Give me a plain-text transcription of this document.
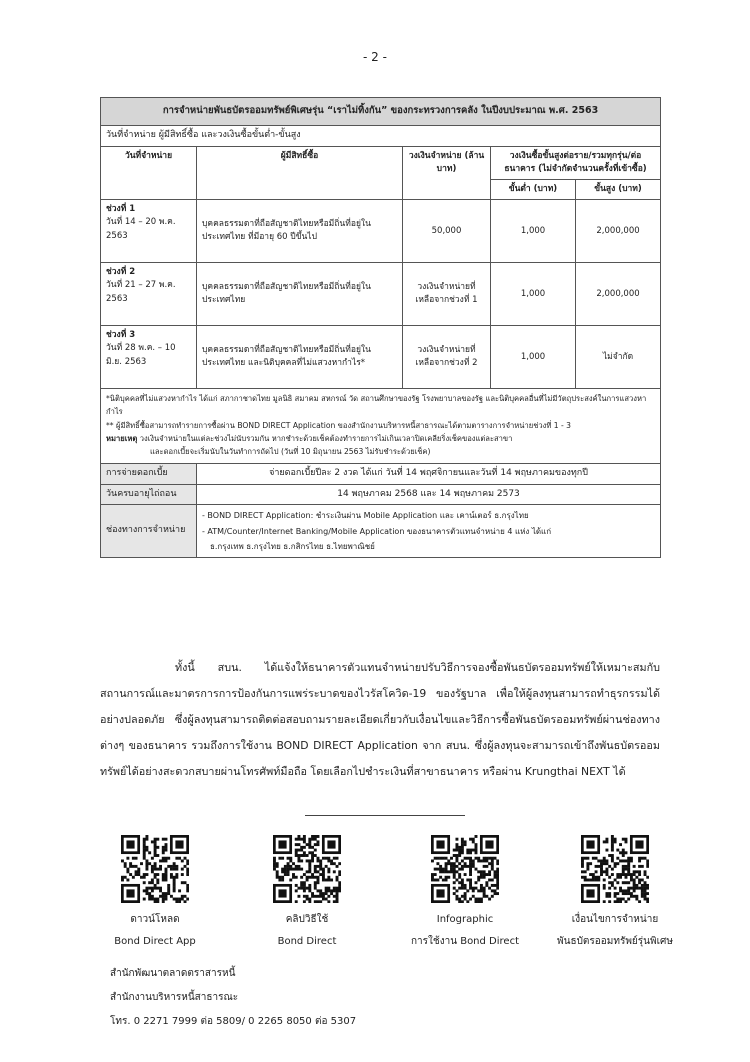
- 2 -
การจำหน่ายพันธบัตรออมทรัพย์พิเศษรุ่น “เราไม่ทิ้งกัน” ของกระทรวงการคลัง ในปีงบประมาณ พ.ศ. 2563				
วันที่จำหน่าย ผู้มีสิทธิ์ซื้อ และวงเงินซื้อขั้นต่ำ-ขั้นสูง				
วันที่จำหน่าย	ผู้มีสิทธิ์ซื้อ	วงเงินจำหน่าย (ล้านบาท)	วงเงินซื้อขั้นสูงต่อราย/รวมทุกรุ่น/ต่อธนาคาร (ไม่จำกัดจำนวนครั้งที่เข้าซื้อ)	
			ขั้นต่ำ (บาท)	ขั้นสูง (บาท)

ช่วงที่ 1
วันที่ 14 – 20 พ.ค. 2563	บุคคลธรรมดาที่ถือสัญชาติไทยหรือมีถิ่นที่อยู่ในประเทศไทย ที่มีอายุ 60 ปีขึ้นไป	50,000	1,000	2,000,000

ช่วงที่ 2
วันที่ 21 – 27 พ.ค. 2563	บุคคลธรรมดาที่ถือสัญชาติไทยหรือมีถิ่นที่อยู่ในประเทศไทย	วงเงินจำหน่ายที่เหลือจากช่วงที่ 1	1,000	2,000,000

ช่วงที่ 3
วันที่ 28 พ.ค. – 10 มิ.ย. 2563	บุคคลธรรมดาที่ถือสัญชาติไทยหรือมีถิ่นที่อยู่ในประเทศไทย และนิติบุคคลที่ไม่แสวงหากำไร*	วงเงินจำหน่ายที่เหลือจากช่วงที่ 2	1,000	ไม่จำกัด

*นิติบุคคลที่ไม่แสวงหากำไร ได้แก่ สภากาชาดไทย มูลนิธิ สมาคม สหกรณ์ วัด สถานศึกษาของรัฐ โรงพยาบาลของรัฐ และนิติบุคคลอื่นที่ไม่มีวัตถุประสงค์ในการแสวงหากำไร
** ผู้มีสิทธิ์ซื้อสามารถทำรายการซื้อผ่าน BOND DIRECT Application ของสำนักงานบริหารหนี้สาธารณะได้ตามตารางการจำหน่ายช่วงที่ 1 - 3
หมายเหตุ วงเงินจำหน่ายในแต่ละช่วงไม่นับรวมกัน หากชำระด้วยเช็คต้องทำรายการไม่เกินเวลาปิดเคลียริ่งเช็คของแต่ละสาขา
และดอกเบี้ยจะเริ่มนับในวันทำการถัดไป (วันที่ 10 มิถุนายน 2563 ไม่รับชำระด้วยเช็ค)				

การจ่ายดอกเบี้ย	จ่ายดอกเบี้ยปีละ 2 งวด ได้แก่ วันที่ 14 พฤศจิกายนและวันที่ 14 พฤษภาคมของทุกปี			
วันครบอายุไถ่ถอน	14 พฤษภาคม 2568 และ 14 พฤษภาคม 2573			
ช่องทางการจำหน่าย	- BOND DIRECT Application: ชำระเงินผ่าน Mobile Application และ เคาน์เตอร์ ธ.กรุงไทย
- ATM/Counter/Internet Banking/Mobile Application ของธนาคารตัวแทนจำหน่าย 4 แห่ง ได้แก่
ธ.กรุงเทพ ธ.กรุงไทย ธ.กสิกรไทย ธ.ไทยพาณิชย์			

ทั้งนี้ สบน. ได้แจ้งให้ธนาคารตัวแทนจำหน่ายปรับวิธีการจองซื้อพันธบัตรออมทรัพย์ให้เหมาะสมกับสถานการณ์และมาตรการการป้องกันการแพร่ระบาดของไวรัสโควิด-19 ของรัฐบาล เพื่อให้ผู้ลงทุนสามารถทำธุรกรรมได้อย่างปลอดภัย ซึ่งผู้ลงทุนสามารถติดต่อสอบถามรายละเอียดเกี่ยวกับเงื่อนไขและวิธีการซื้อพันธบัตรออมทรัพย์ผ่านช่องทางต่างๆ ของธนาคาร รวมถึงการใช้งาน BOND DIRECT Application จาก สบน. ซึ่งผู้ลงทุนจะสามารถเข้าถึงพันธบัตรออมทรัพย์ได้อย่างสะดวกสบายผ่านโทรศัพท์มือถือ โดยเลือกไปชำระเงินที่สาขาธนาคาร หรือผ่าน Krungthai NEXT ได้

ดาวน์โหลด
Bond Direct App
คลิปวิธีใช้
Bond Direct
Infographic
การใช้งาน Bond Direct
เงื่อนไขการจำหน่าย
พันธบัตรออมทรัพย์รุ่นพิเศษ
สำนักพัฒนาตลาดตราสารหนี้
สำนักงานบริหารหนี้สาธารณะ
โทร. 0 2271 7999 ต่อ 5809/ 0 2265 8050 ต่อ 5307
